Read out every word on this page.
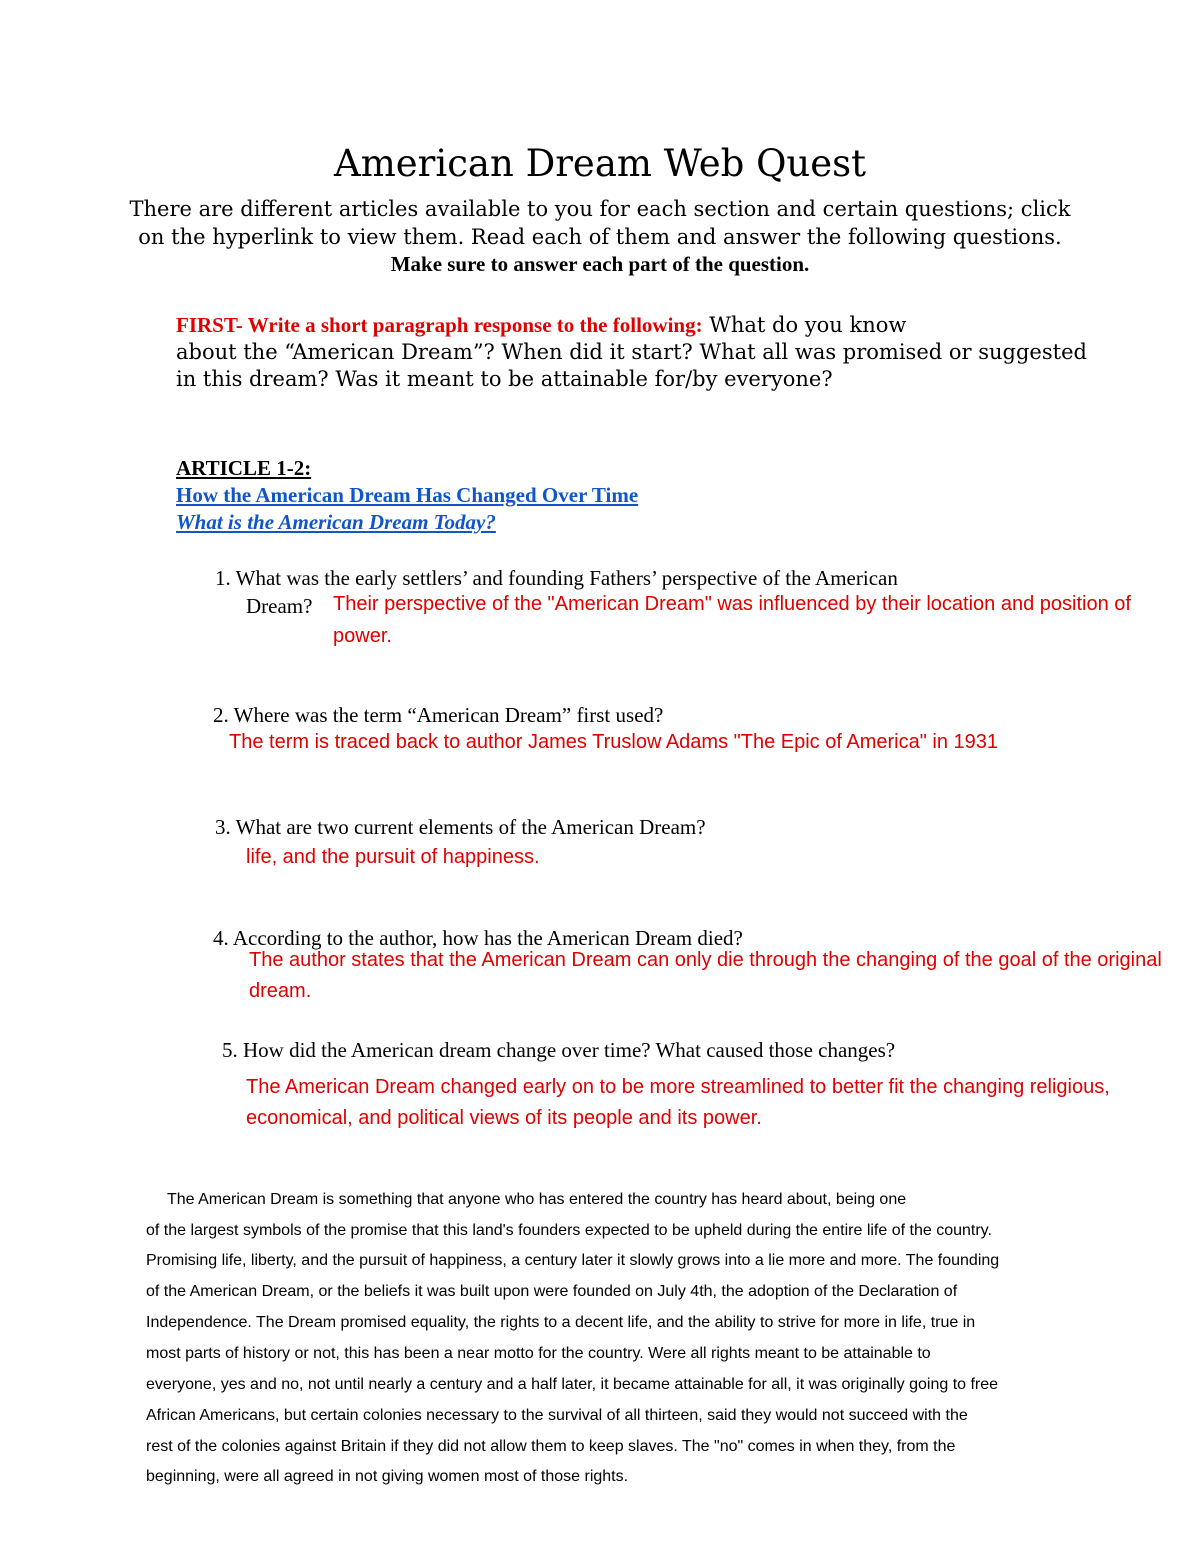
American Dream Web Quest
There are different articles available to you for each section and certain questions; click
on the hyperlink to view them. Read each of them and answer the following questions.
Make sure to answer each part of the question.
FIRST- Write a short paragraph response to the following: What do you know
about the “American Dream”? When did it start? What all was promised or suggested
in this dream? Was it meant to be attainable for/by everyone?
ARTICLE 1-2:
How the American Dream Has Changed Over Time
What is the American Dream Today?
1. What was the early settlers’ and founding Fathers’ perspective of the American
Dream? Their perspective of the "American Dream" was influenced by their location and position of
power.
2. Where was the term “American Dream” first used?
The term is traced back to author James Truslow Adams "The Epic of America" in 1931
3. What are two current elements of the American Dream?
life, and the pursuit of happiness.
4. According to the author, how has the American Dream died?
The author states that the American Dream can only die through the changing of the goal of the original
dream.
5. How did the American dream change over time? What caused those changes?
The American Dream changed early on to be more streamlined to better fit the changing religious,
economical, and political views of its people and its power.
The American Dream is something that anyone who has entered the country has heard about, being one
of the largest symbols of the promise that this land's founders expected to be upheld during the entire life of the country.
Promising life, liberty, and the pursuit of happiness, a century later it slowly grows into a lie more and more. The founding
of the American Dream, or the beliefs it was built upon were founded on July 4th, the adoption of the Declaration of
Independence. The Dream promised equality, the rights to a decent life, and the ability to strive for more in life, true in
most parts of history or not, this has been a near motto for the country. Were all rights meant to be attainable to
everyone, yes and no, not until nearly a century and a half later, it became attainable for all, it was originally going to free
African Americans, but certain colonies necessary to the survival of all thirteen, said they would not succeed with the
rest of the colonies against Britain if they did not allow them to keep slaves. The "no" comes in when they, from the
beginning, were all agreed in not giving women most of those rights.
